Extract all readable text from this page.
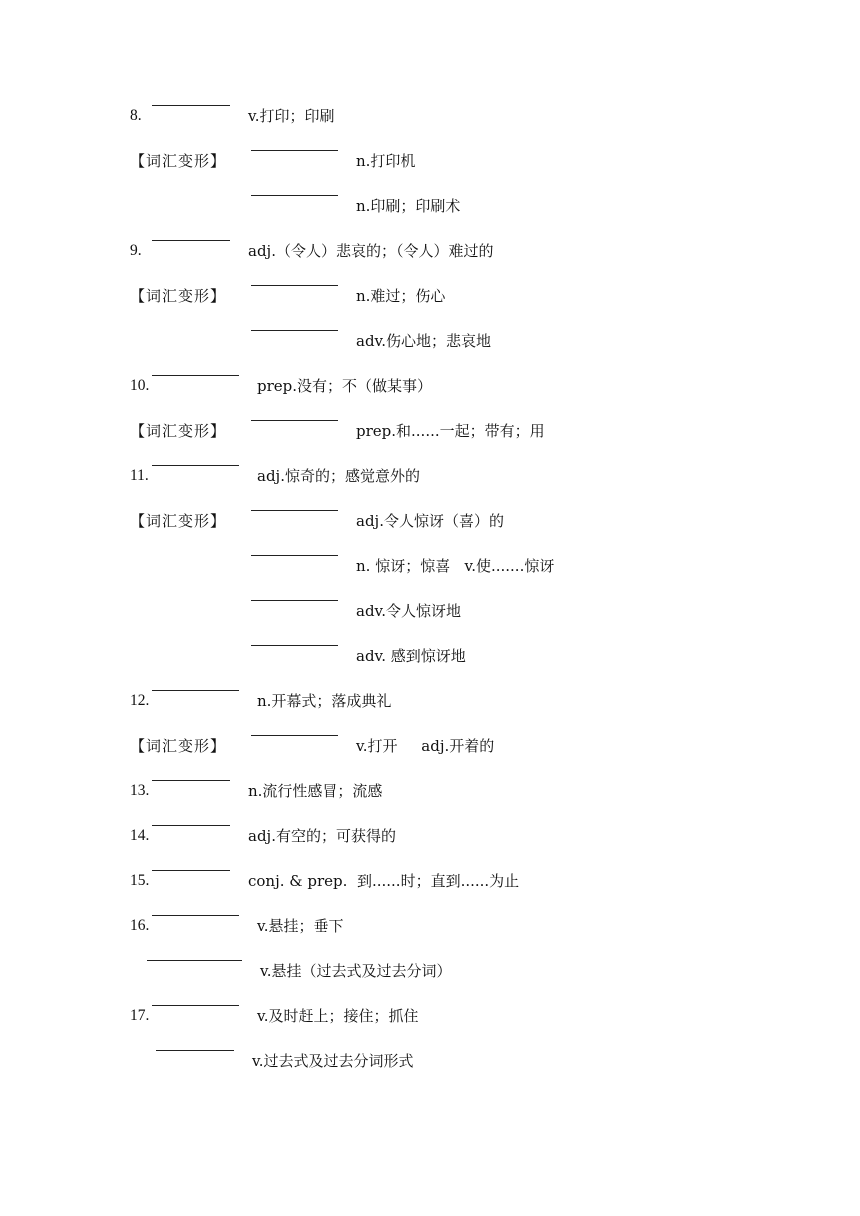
8.	v.打印；印刷
【词汇变形】	n.打印机
n.印刷；印刷术
9.	adj.（令人）悲哀的；（令人）难过的
【词汇变形】	n.难过；伤心
adv.伤心地；悲哀地
10.	prep.没有；不（做某事）
【词汇变形】	prep.和......一起；带有；用
11.	adj.惊奇的；感觉意外的
【词汇变形】	adj.令人惊讶（喜）的
n. 惊讶；惊喜   v.使.......惊讶
adv.令人惊讶地
adv. 感到惊讶地
12.	n.开幕式；落成典礼
【词汇变形】	v.打开     adj.开着的
13.	n.流行性感冒；流感
14.	adj.有空的；可获得的
15.	conj. & prep.  到......时；直到......为止
16.	v.悬挂；垂下
v.悬挂（过去式及过去分词）
17.	v.及时赶上；接住；抓住
v.过去式及过去分词形式
